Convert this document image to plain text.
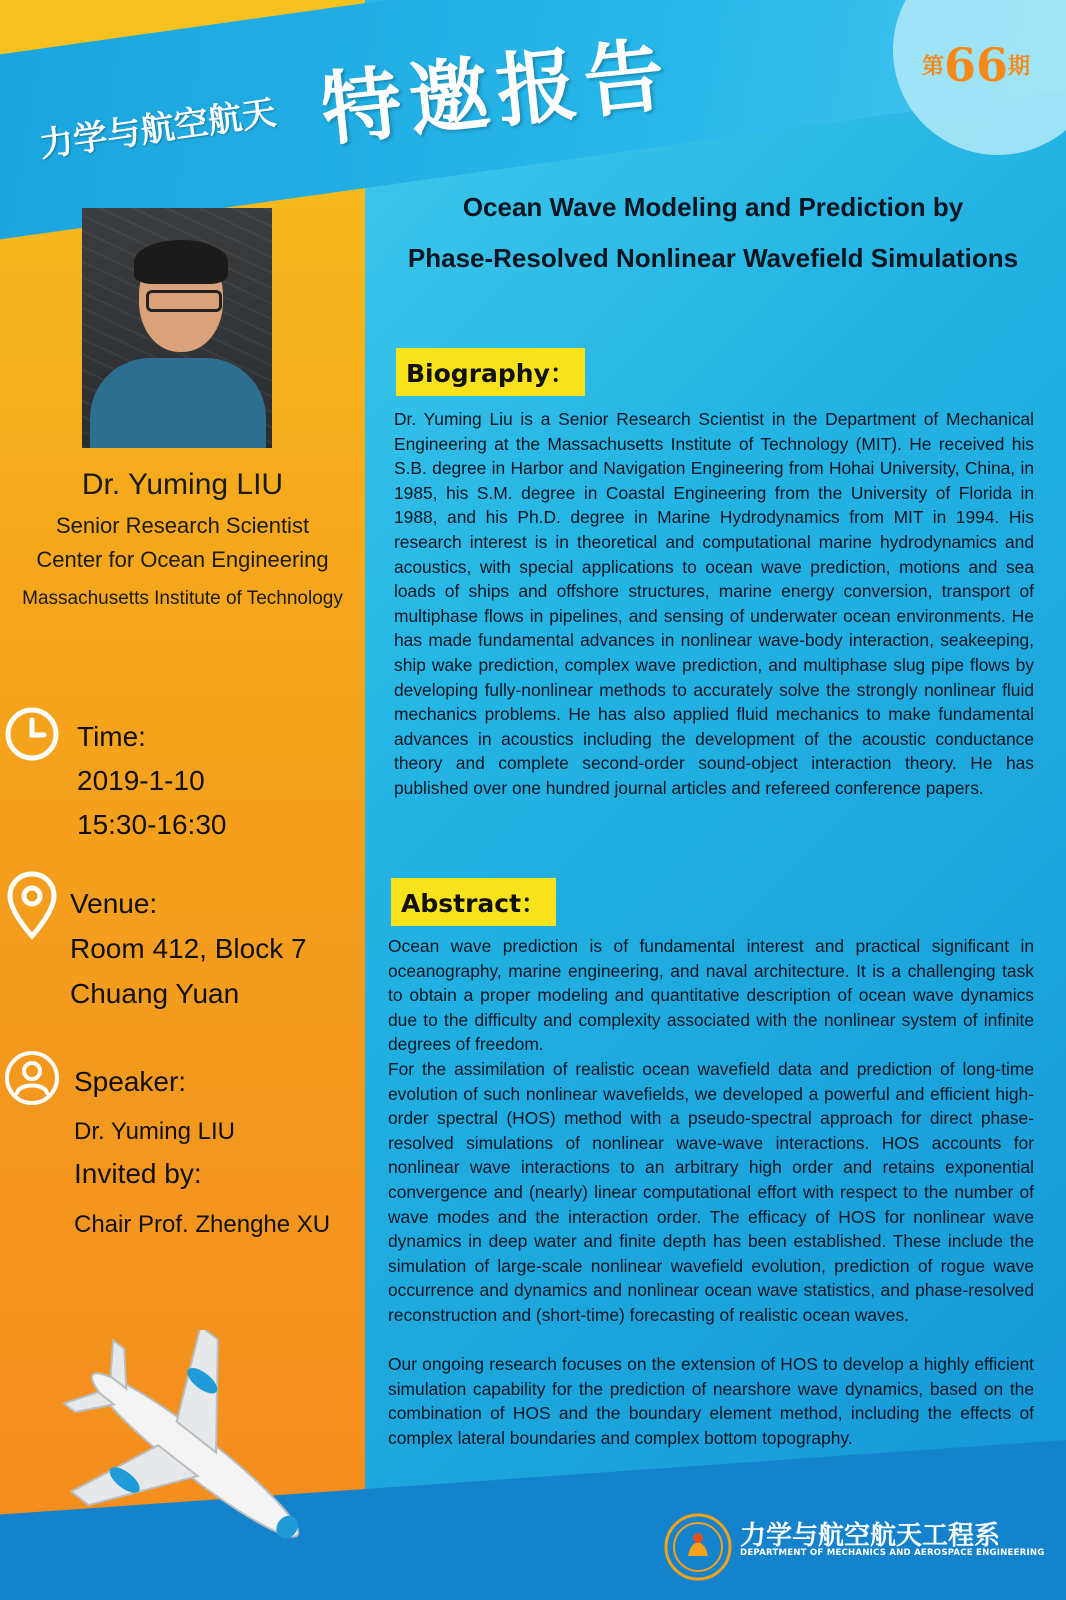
第66期
力学与航空航天 特邀报告
Ocean Wave Modeling and Prediction by
Phase-Resolved Nonlinear Wavefield Simulations
Dr. Yuming LIU
Senior Research Scientist
Center for Ocean Engineering
Massachusetts Institute of Technology
Time:
2019-1-10
15:30-16:30
Venue:
Room 412, Block 7
Chuang Yuan
Speaker:
Dr. Yuming LIU
Invited by:
Chair Prof. Zhenghe XU
Biography：

Dr. Yuming Liu is a Senior Research Scientist in the Department of Mechanical Engineering at the Massachusetts Institute of Technology (MIT). He received his S.B. degree in Harbor and Navigation Engineering from Hohai University, China, in 1985, his S.M. degree in Coastal Engineering from the University of Florida in 1988, and his Ph.D. degree in Marine Hydrodynamics from MIT in 1994. His research interest is in theoretical and computational marine hydrodynamics and acoustics, with special applications to ocean wave prediction, motions and sea loads of ships and offshore structures, marine energy conversion, transport of multiphase flows in pipelines, and sensing of underwater ocean environments. He has made fundamental advances in nonlinear wave-body interaction, seakeeping, ship wake prediction, complex wave prediction, and multiphase slug pipe flows by developing fully-nonlinear methods to accurately solve the strongly nonlinear fluid mechanics problems. He has also applied fluid mechanics to make fundamental advances in acoustics including the development of the acoustic conductance theory and complete second-order sound-object interaction theory. He has published over one hundred journal articles and refereed conference papers.

Abstract：

Ocean wave prediction is of fundamental interest and practical significant in oceanography, marine engineering, and naval architecture. It is a challenging task to obtain a proper modeling and quantitative description of ocean wave dynamics due to the difficulty and complexity associated with the nonlinear system of infinite degrees of freedom.

For the assimilation of realistic ocean wavefield data and prediction of long-time evolution of such nonlinear wavefields, we developed a powerful and efficient high-order spectral (HOS) method with a pseudo-spectral approach for direct phase-resolved simulations of nonlinear wave-wave interactions. HOS accounts for nonlinear wave interactions to an arbitrary high order and retains exponential convergence and (nearly) linear computational effort with respect to the number of wave modes and the interaction order. The efficacy of HOS for nonlinear wave dynamics in deep water and finite depth has been established. These include the simulation of large-scale nonlinear wavefield evolution, prediction of rogue wave occurrence and dynamics and nonlinear ocean wave statistics, and phase-resolved reconstruction and (short-time) forecasting of realistic ocean waves.

Our ongoing research focuses on the extension of HOS to develop a highly efficient simulation capability for the prediction of nearshore wave dynamics, based on the combination of HOS and the boundary element method, including the effects of complex lateral boundaries and complex bottom topography.

力学与航空航天工程系
DEPARTMENT OF MECHANICS AND AEROSPACE ENGINEERING
